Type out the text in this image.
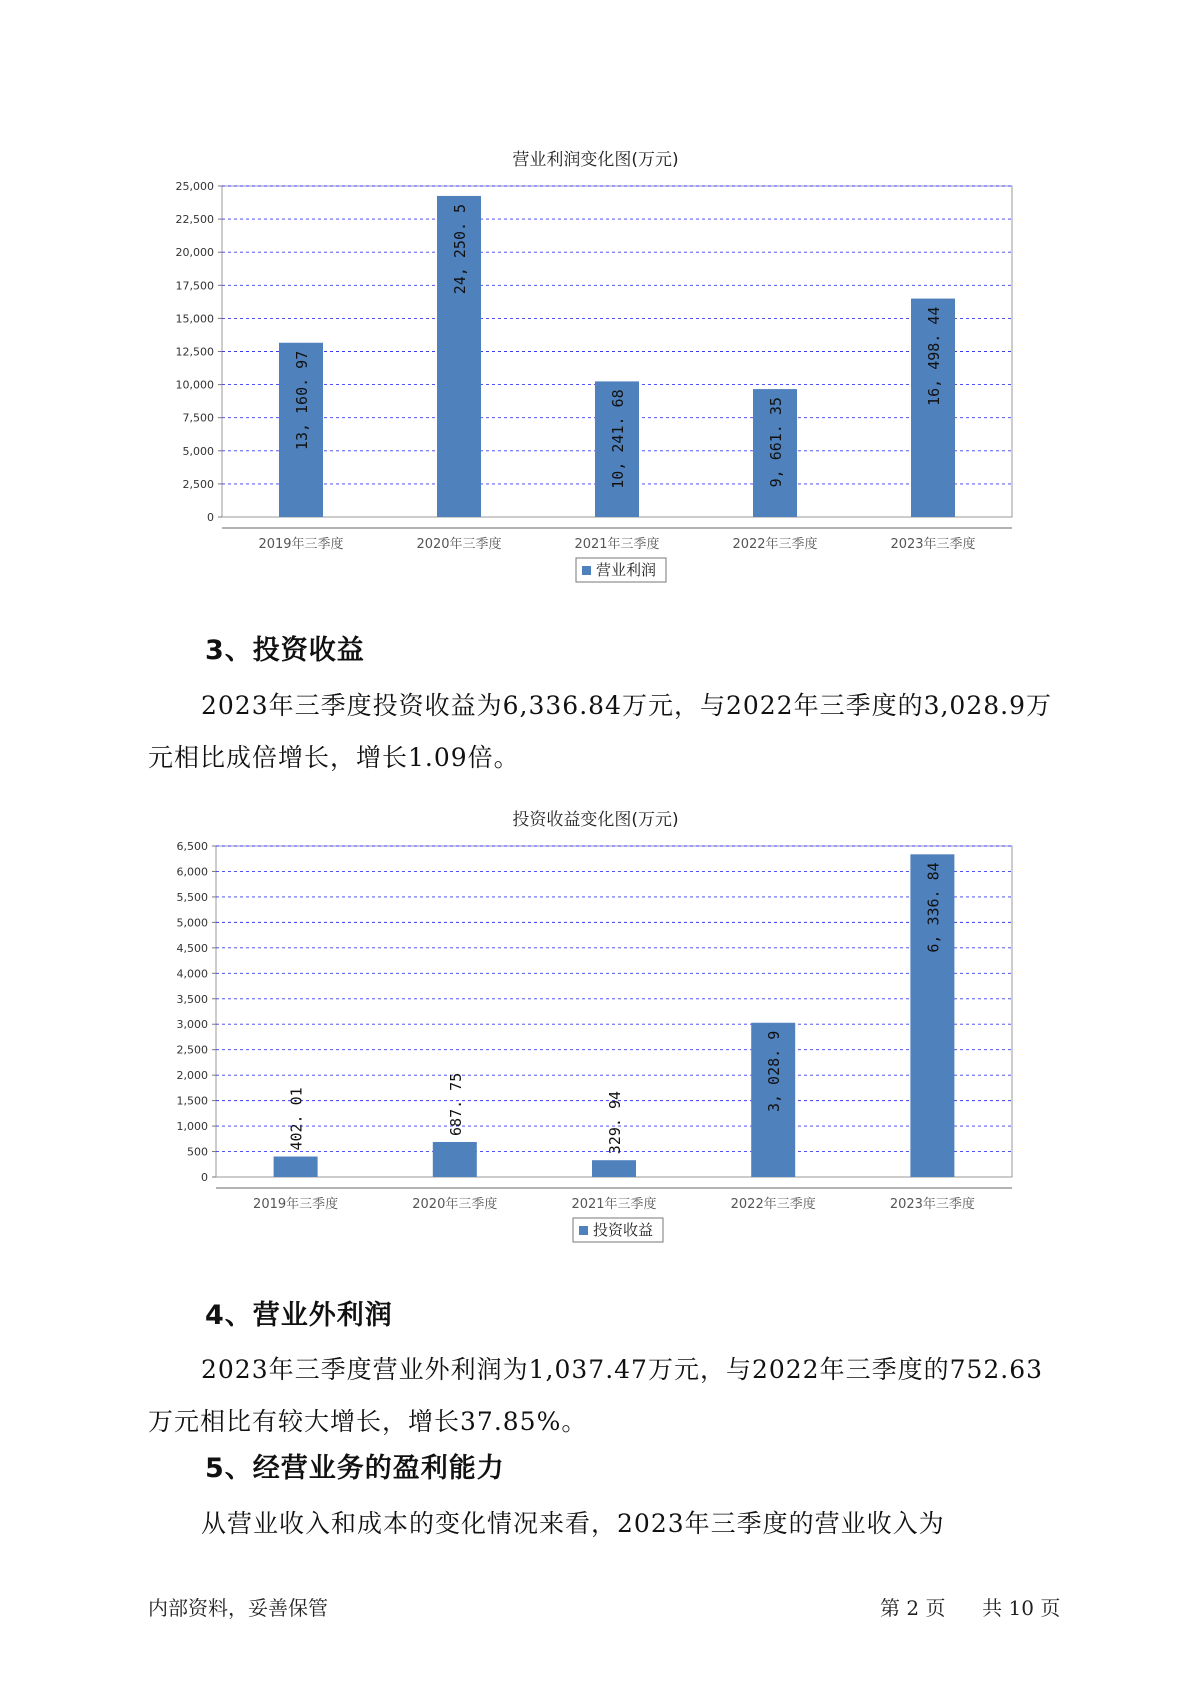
营业利润变化图(万元)
0
2,500
5,000
7,500
10,000
12,500
15,000
17,500
20,000
22,500
25,000
2019年三季度
13, 160. 97
2020年三季度
24, 250. 5
2021年三季度
10, 241. 68
2022年三季度
9, 661. 35
2023年三季度
16, 498. 44
营业利润
3、投资收益
2023年三季度投资收益为6,336.84万元，与2022年三季度的3,028.9万元相比成倍增长，增长1.09倍。
投资收益变化图(万元)
0
500
1,000
1,500
2,000
2,500
3,000
3,500
4,000
4,500
5,000
5,500
6,000
6,500
2019年三季度
402. 01
2020年三季度
687. 75
2021年三季度
329. 94
2022年三季度
3, 028. 9
2023年三季度
6, 336. 84
投资收益
4、营业外利润
2023年三季度营业外利润为1,037.47万元，与2022年三季度的752.63万元相比有较大增长，增长37.85%。
5、经营业务的盈利能力
从营业收入和成本的变化情况来看，2023年三季度的营业收入为
内部资料，妥善保管	第 2 页 共 10 页
